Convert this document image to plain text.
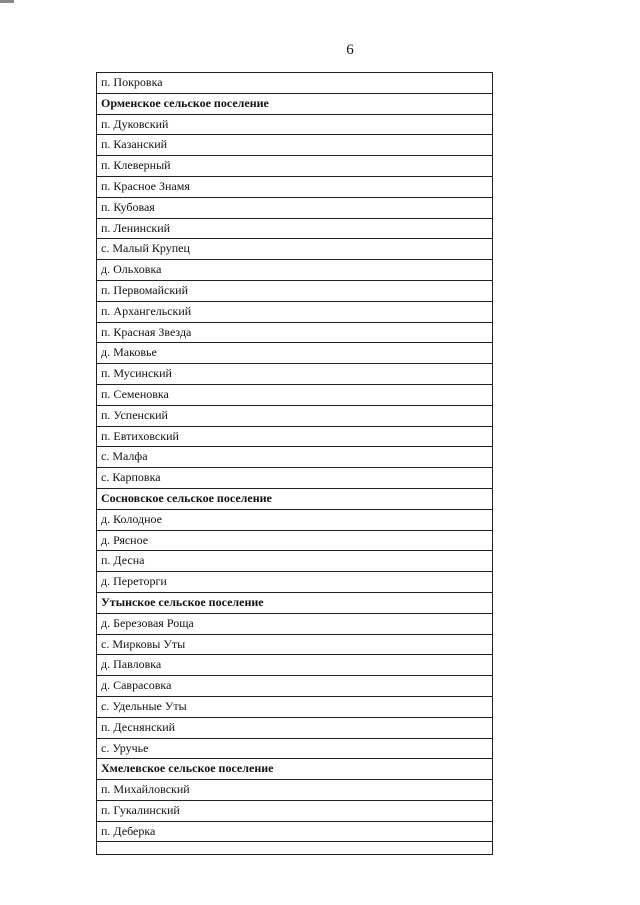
6
п. Покровка
Орменское сельское поселение
п. Дуковский
п. Казанский
п. Клеверный
п. Красное Знамя
п. Кубовая
п. Ленинский
с. Малый Крупец
д. Ольховка
п. Первомайский
п. Архангельский
п. Красная Звезда
д. Маковье
п. Мусинский
п. Семеновка
п. Успенский
п. Евтиховский
с. Малфа
с. Карповка
Сосновское сельское поселение
д. Колодное
д. Рясное
п. Десна
д. Переторги
Утынское сельское поселение
д. Березовая Роща
с. Мирковы Уты
д. Павловка
д. Саврасовка
с. Удельные Уты
п. Деснянский
с. Уручье
Хмелевское сельское поселение
п. Михайловский
п. Гукалинский
п. Деберка
